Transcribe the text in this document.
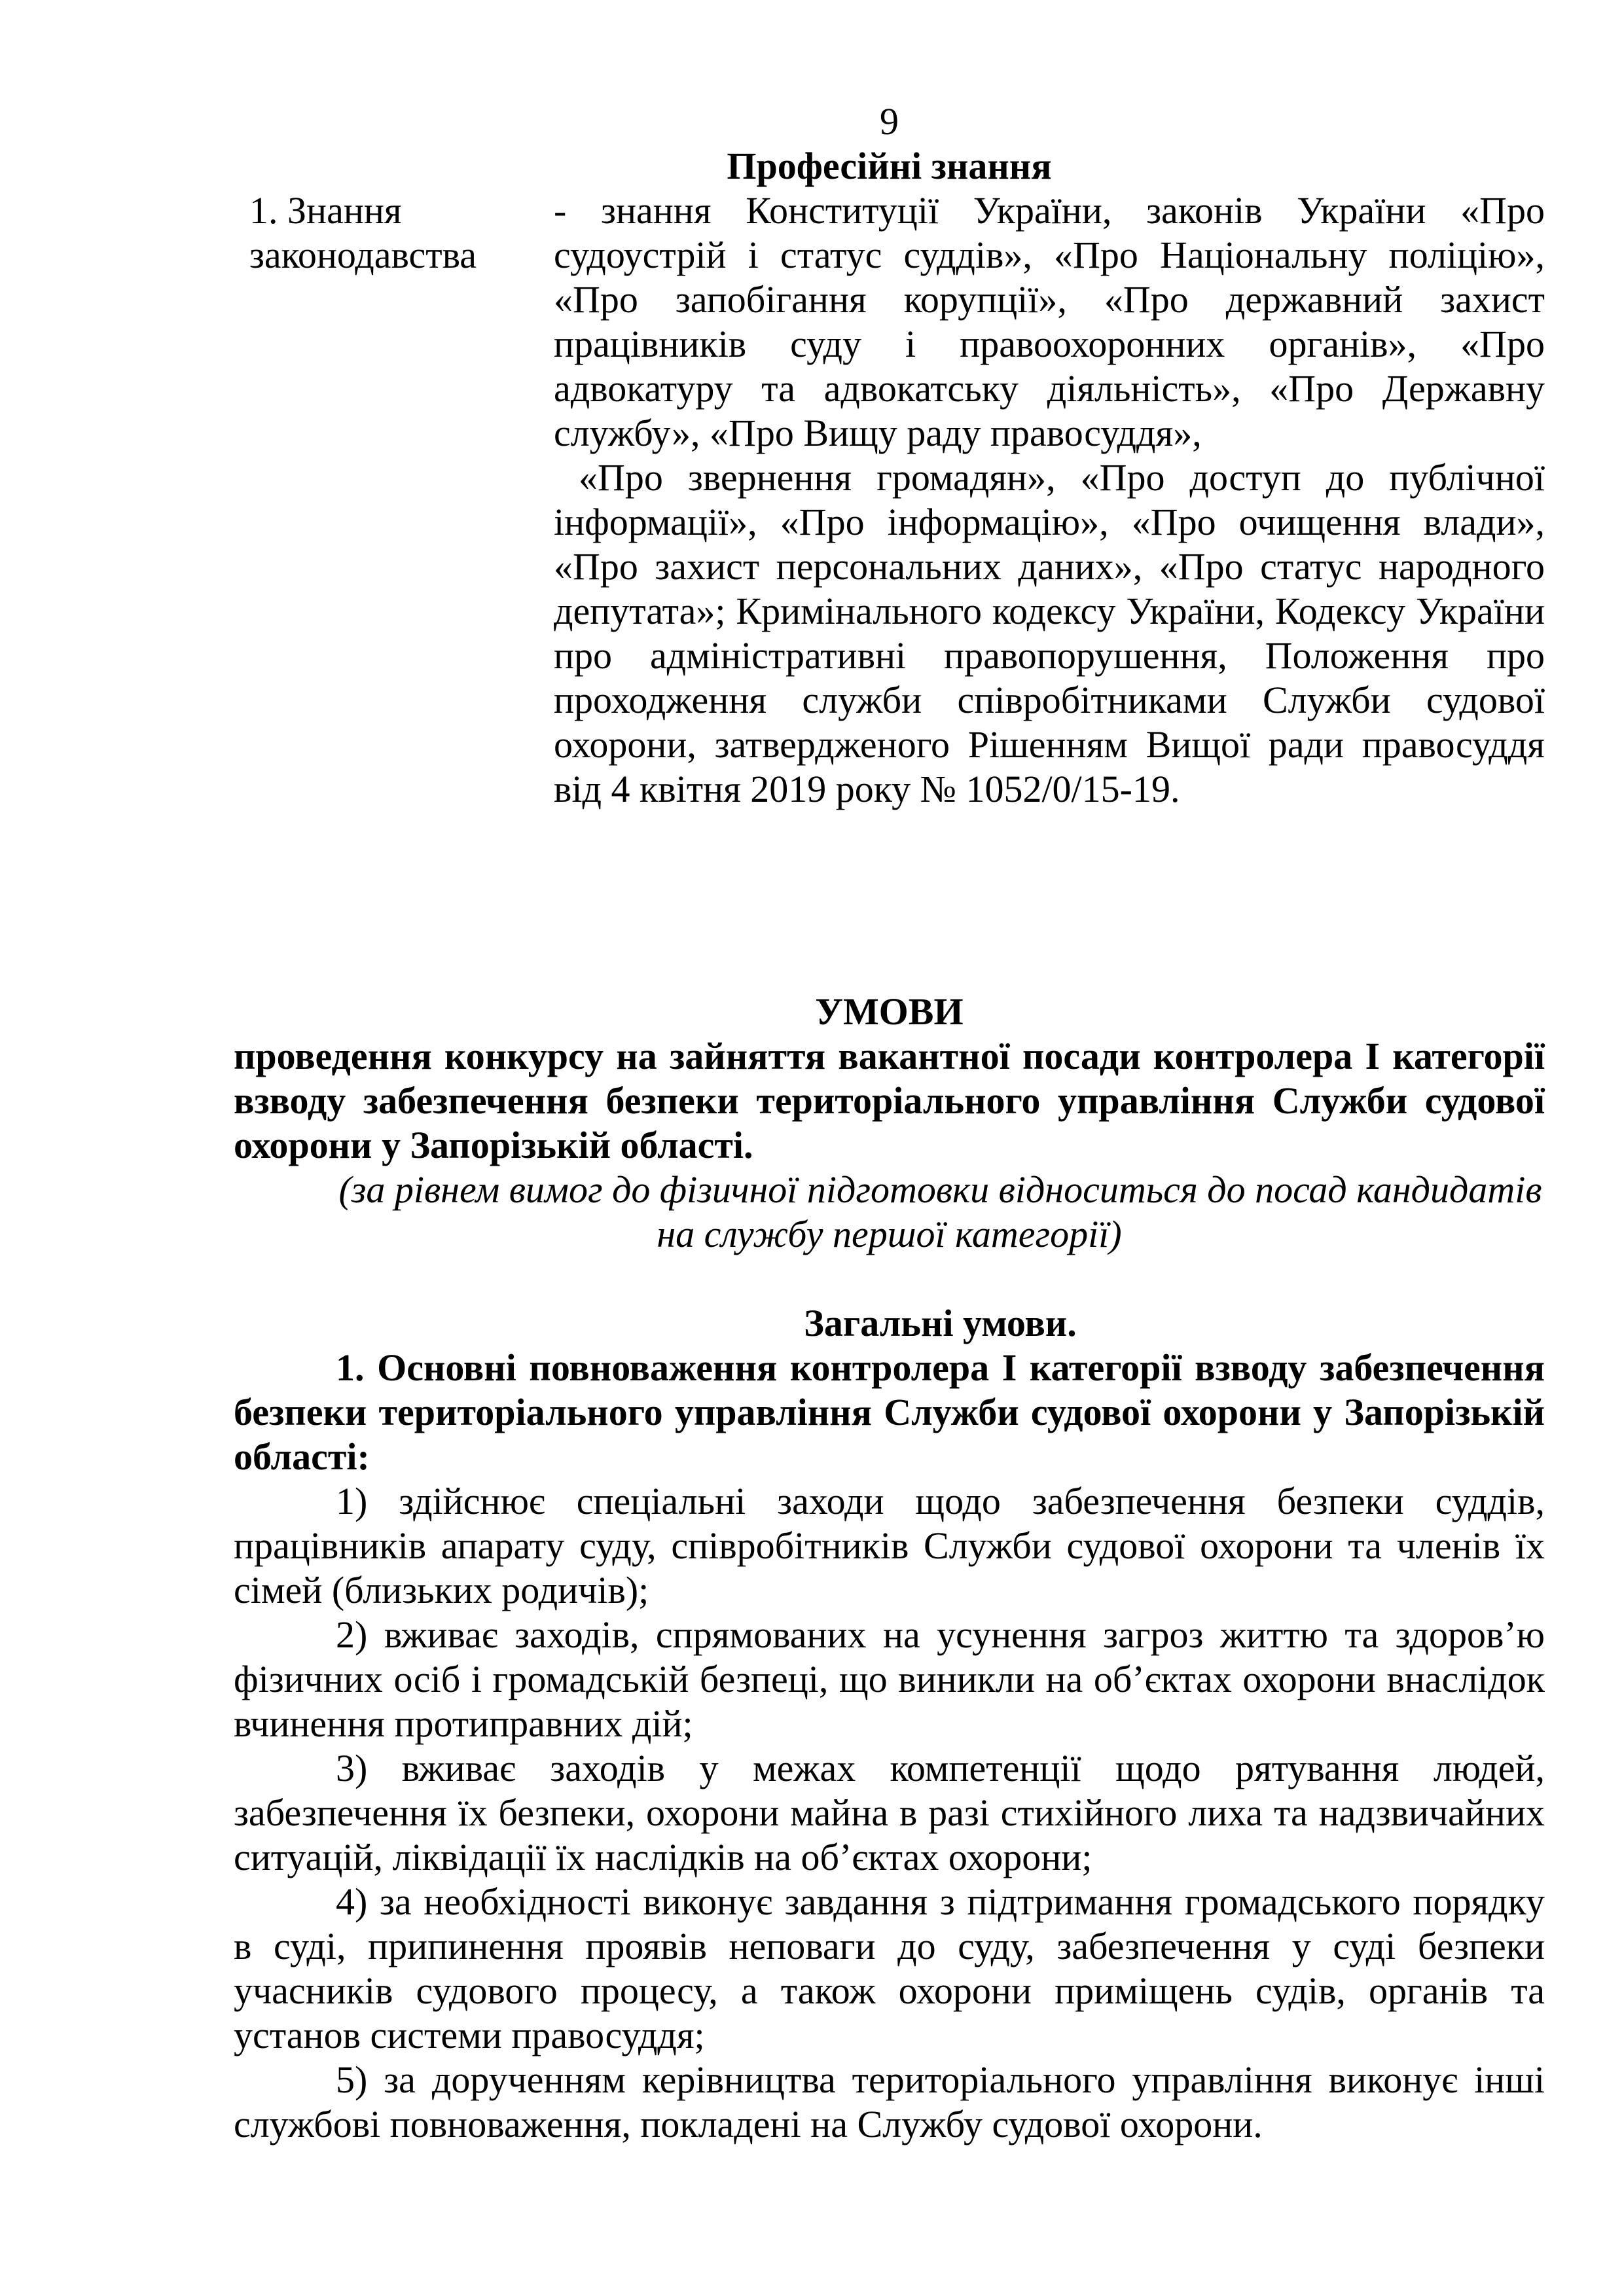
9
Професійні знання
1. Знання законодавства

- знання Конституції України, законів України «Про судоустрій і статус суддів», «Про Національну поліцію», «Про запобігання корупції», «Про державний захист працівників суду і правоохоронних органів», «Про адвокатуру та адвокатську діяльність», «Про Державну службу», «Про Вищу раду правосуддя»,

«Про звернення громадян», «Про доступ до публічної інформації», «Про інформацію», «Про очищення влади», «Про захист персональних даних», «Про статус народного депутата»; Кримінального кодексу України, Кодексу України про адміністративні правопорушення, Положення про проходження служби співробітниками Служби судової охорони, затвердженого Рішенням Вищої ради правосуддя від 4 квітня 2019 року № 1052/0/15-19.

УМОВИ

проведення конкурсу на зайняття вакантної посади контролера І категорії взводу забезпечення безпеки територіального управління Служби судової охорони у Запорізькій області.

(за рівнем вимог до фізичної підготовки відноситься до посад кандидатів на службу першої категорії)

Загальні умови.

1. Основні повноваження контролера І категорії взводу забезпечення безпеки територіального управління Служби судової охорони у Запорізькій області:

1) здійснює спеціальні заходи щодо забезпечення безпеки суддів, працівників апарату суду, співробітників Служби судової охорони та членів їх сімей (близьких родичів);

2) вживає заходів, спрямованих на усунення загроз життю та здоров’ю фізичних осіб і громадській безпеці, що виникли на об’єктах охорони внаслідок вчинення протиправних дій;

3) вживає заходів у межах компетенції щодо рятування людей, забезпечення їх безпеки, охорони майна в разі стихійного лиха та надзвичайних ситуацій, ліквідації їх наслідків на об’єктах охорони;

4) за необхідності виконує завдання з підтримання громадського порядку в суді, припинення проявів неповаги до суду, забезпечення у суді безпеки учасників судового процесу, а також охорони приміщень судів, органів та установ системи правосуддя;

5) за дорученням керівництва територіального управління виконує інші службові повноваження, покладені на Службу судової охорони.
